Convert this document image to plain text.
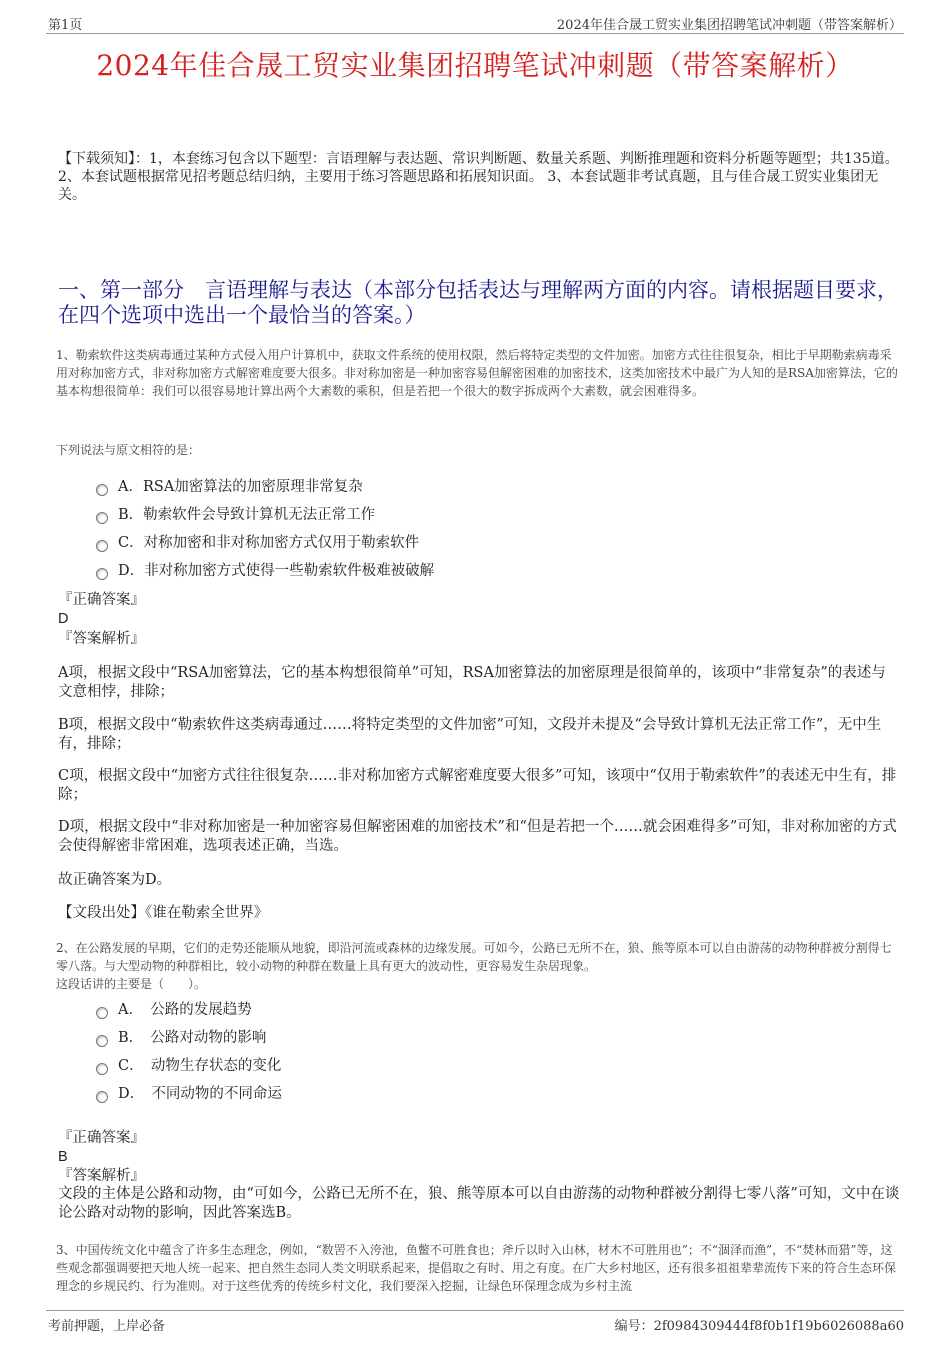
第1页	2024年佳合晟工贸实业集团招聘笔试冲刺题（带答案解析）
2024年佳合晟工贸实业集团招聘笔试冲刺题（带答案解析）
【下载须知】：1，本套练习包含以下题型：言语理解与表达题、常识判断题、数量关系题、判断推理题和资料分析题等题型；共135道。 2、本套试题根据常见招考题总结归纳，主要用于练习答题思路和拓展知识面。 3、本套试题非考试真题，且与佳合晟工贸实业集团无关。
一、第一部分　言语理解与表达（本部分包括表达与理解两方面的内容。请根据题目要求，在四个选项中选出一个最恰当的答案。）
1、勒索软件这类病毒通过某种方式侵入用户计算机中，获取文件系统的使用权限，然后将特定类型的文件加密。加密方式往往很复杂，相比于早期勒索病毒采用对称加密方式，非对称加密方式解密难度要大很多。非对称加密是一种加密容易但解密困难的加密技术，这类加密技术中最广为人知的是RSA加密算法，它的基本构想很简单：我们可以很容易地计算出两个大素数的乘积，但是若把一个很大的数字拆成两个大素数，就会困难得多。
下列说法与原文相符的是：
A．RSA加密算法的加密原理非常复杂
B．勒索软件会导致计算机无法正常工作
C．对称加密和非对称加密方式仅用于勒索软件
D．非对称加密方式使得一些勒索软件极难被破解
『正确答案』
D
『答案解析』
A项，根据文段中“RSA加密算法，它的基本构想很简单”可知，RSA加密算法的加密原理是很简单的，该项中“非常复杂”的表述与文意相悖，排除；
B项，根据文段中“勒索软件这类病毒通过……将特定类型的文件加密”可知，文段并未提及“会导致计算机无法正常工作”，无中生有，排除；
C项，根据文段中“加密方式往往很复杂……非对称加密方式解密难度要大很多”可知，该项中“仅用于勒索软件”的表述无中生有，排除；
D项，根据文段中“非对称加密是一种加密容易但解密困难的加密技术”和“但是若把一个……就会困难得多”可知，非对称加密的方式会使得解密非常困难，选项表述正确，当选。
故正确答案为D。
【文段出处】《谁在勒索全世界》
2、在公路发展的早期，它们的走势还能顺从地貌，即沿河流或森林的边缘发展。可如今，公路已无所不在，狼、熊等原本可以自由游荡的动物种群被分割得七零八落。与大型动物的种群相比，较小动物的种群在数量上具有更大的波动性，更容易发生杂居现象。
这段话讲的主要是（　　）。
A．　公路的发展趋势
B．　公路对动物的影响
C．　动物生存状态的变化
D．　不同动物的不同命运
『正确答案』
B
『答案解析』
文段的主体是公路和动物，由“可如今，公路已无所不在，狼、熊等原本可以自由游荡的动物种群被分割得七零八落”可知，文中在谈论公路对动物的影响，因此答案选B。
3、中国传统文化中蕴含了许多生态理念，例如，“数罟不入洿池，鱼鳖不可胜食也；斧斤以时入山林，材木不可胜用也”；不“涸泽而渔”，不“焚林而猎”等，这些观念都强调要把天地人统一起来、把自然生态同人类文明联系起来，提倡取之有时、用之有度。在广大乡村地区，还有很多祖祖辈辈流传下来的符合生态环保理念的乡规民约、行为准则。对于这些优秀的传统乡村文化，我们要深入挖掘，让绿色环保理念成为乡村主流
考前押题，上岸必备	编号：2f0984309444f8f0b1f19b6026088a60
